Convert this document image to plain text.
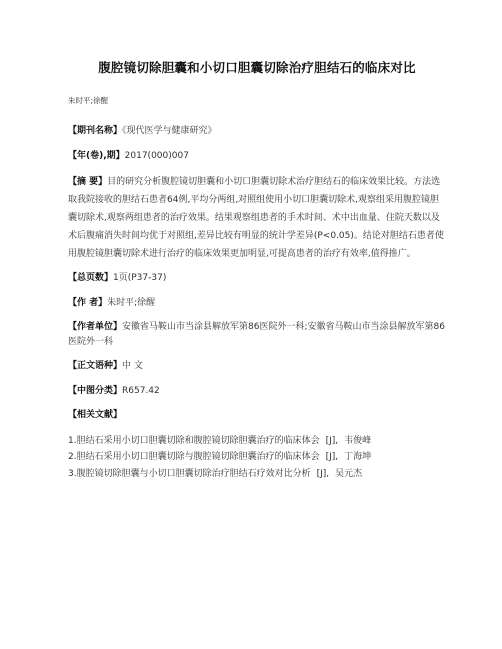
腹腔镜切除胆囊和小切口胆囊切除治疗胆结石的临床对比
朱时平;徐醒
【期刊名称】《现代医学与健康研究》
【年(卷),期】2017(000)007
【摘 要】目的研究分析腹腔镜切胆囊和小切口胆囊切除术治疗胆结石的临床效果比较。方法选取我院接收的胆结石患者64例,平均分两组,对照组使用小切口胆囊切除术,观察组采用腹腔镜胆囊切除术,观察两组患者的治疗效果。结果观察组患者的手术时间、术中出血量、住院天数以及术后腹痛消失时间均优于对照组,差异比较有明显的统计学差异(P<0.05)。结论对胆结石患者使用腹腔镜胆囊切除术进行治疗的临床效果更加明显,可提高患者的治疗有效率,值得推广。
【总页数】1页(P37-37)
【作 者】朱时平;徐醒
【作者单位】安徽省马鞍山市当涂县解放军第86医院外一科;安徽省马鞍山市当涂县解放军第86医院外一科
【正文语种】中 文
【中图分类】R657.42
【相关文献】
1.胆结石采用小切口胆囊切除和腹腔镜切除胆囊治疗的临床体会 [J], 韦俊峰
2.胆结石采用小切口胆囊切除与腹腔镜切除胆囊治疗的临床体会 [J], 丁海坤
3.腹腔镜切除胆囊与小切口胆囊切除治疗胆结石疗效对比分析 [J], 吴元杰
